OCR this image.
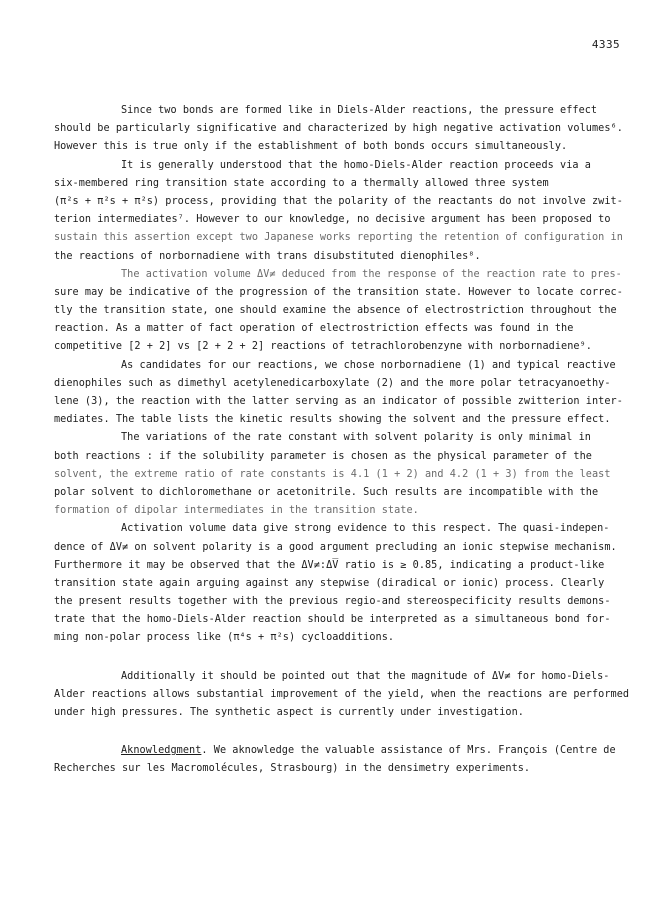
4335
Since two bonds are formed like in Diels-Alder reactions, the pressure effect
should be particularly significative and characterized by high negative activation volumes⁶.
However this is true only if the establishment of both bonds occurs simultaneously.
It is generally understood that the homo-Diels-Alder reaction proceeds via a
six-membered ring transition state according to a thermally allowed three system
(π²s + π²s + π²s) process, providing that the polarity of the reactants do not involve zwit-
terion intermediates⁷. However to our knowledge, no decisive argument has been proposed to
sustain this assertion except two Japanese works reporting the retention of configuration in
the reactions of norbornadiene with trans disubstituted dienophiles⁸.
The activation volume ΔV≠ deduced from the response of the reaction rate to pres-
sure may be indicative of the progression of the transition state. However to locate correc-
tly the transition state, one should examine the absence of electrostriction throughout the
reaction. As a matter of fact operation of electrostriction effects was found in the
competitive [2 + 2] vs [2 + 2 + 2] reactions of tetrachlorobenzyne with norbornadiene⁹.
As candidates for our reactions, we chose norbornadiene (1) and typical reactive
dienophiles such as dimethyl acetylenedicarboxylate (2) and the more polar tetracyanoethy-
lene (3), the reaction with the latter serving as an indicator of possible zwitterion inter-
mediates. The table lists the kinetic results showing the solvent and the pressure effect.
The variations of the rate constant with solvent polarity is only minimal in
both reactions : if the solubility parameter is chosen as the physical parameter of the
solvent, the extreme ratio of rate constants is 4.1 (1 + 2) and 4.2 (1 + 3) from the least
polar solvent to dichloromethane or acetonitrile. Such results are incompatible with the
formation of dipolar intermediates in the transition state.
Activation volume data give strong evidence to this respect. The quasi-indepen-
dence of ΔV≠ on solvent polarity is a good argument precluding an ionic stepwise mechanism.
Furthermore it may be observed that the ΔV≠:ΔV̅ ratio is ≥ 0.85, indicating a product-like
transition state again arguing against any stepwise (diradical or ionic) process. Clearly
the present results together with the previous regio-and stereospecificity results demons-
trate that the homo-Diels-Alder reaction should be interpreted as a simultaneous bond for-
ming non-polar process like (π⁴s + π²s) cycloadditions.
Additionally it should be pointed out that the magnitude of ΔV≠ for homo-Diels-
Alder reactions allows substantial improvement of the yield, when the reactions are performed
under high pressures. The synthetic aspect is currently under investigation.
Aknowledgment. We aknowledge the valuable assistance of Mrs. François (Centre de
Recherches sur les Macromolécules, Strasbourg) in the densimetry experiments.
